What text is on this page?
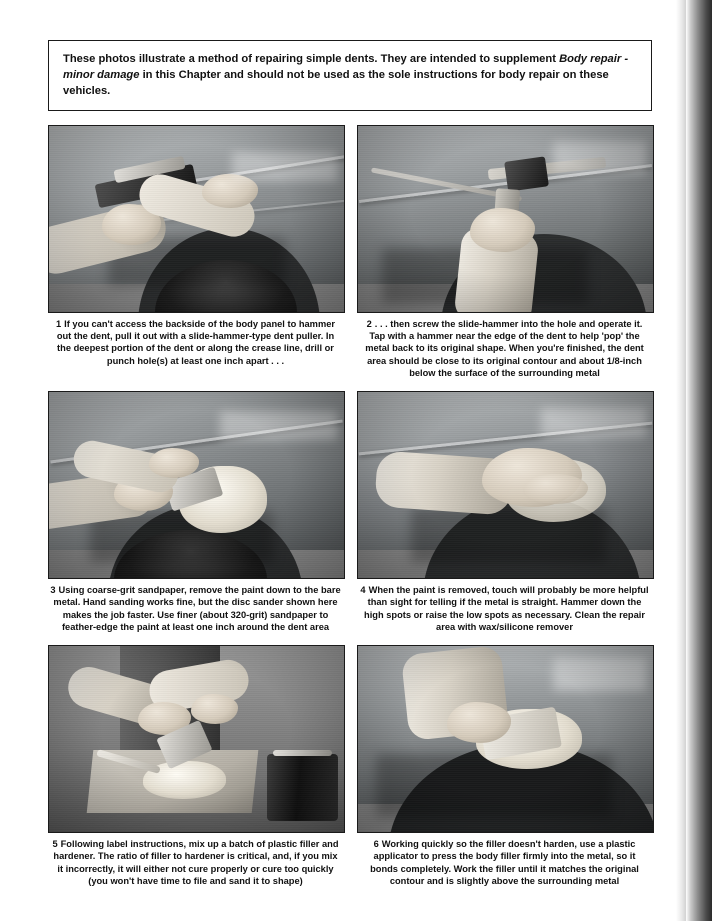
These photos illustrate a method of repairing simple dents. They are intended to supplement Body repair - minor damage in this Chapter and should not be used as the sole instructions for body repair on these vehicles.

1 If you can't access the backside of the body panel to hammer out the dent, pull it out with a slide-hammer-type dent puller. In the deepest portion of the dent or along the crease line, drill or punch hole(s) at least one inch apart . . .

2 . . . then screw the slide-hammer into the hole and operate it. Tap with a hammer near the edge of the dent to help 'pop' the metal back to its original shape. When you're finished, the dent area should be close to its original contour and about 1/8-inch below the surface of the surrounding metal

3 Using coarse-grit sandpaper, remove the paint down to the bare metal. Hand sanding works fine, but the disc sander shown here makes the job faster. Use finer (about 320-grit) sandpaper to feather-edge the paint at least one inch around the dent area

4 When the paint is removed, touch will probably be more helpful than sight for telling if the metal is straight. Hammer down the high spots or raise the low spots as necessary. Clean the repair area with wax/silicone remover

5 Following label instructions, mix up a batch of plastic filler and hardener. The ratio of filler to hardener is critical, and, if you mix it incorrectly, it will either not cure properly or cure too quickly (you won't have time to file and sand it to shape)

6 Working quickly so the filler doesn't harden, use a plastic applicator to press the body filler firmly into the metal, so it bonds completely. Work the filler until it matches the original contour and is slightly above the surrounding metal
